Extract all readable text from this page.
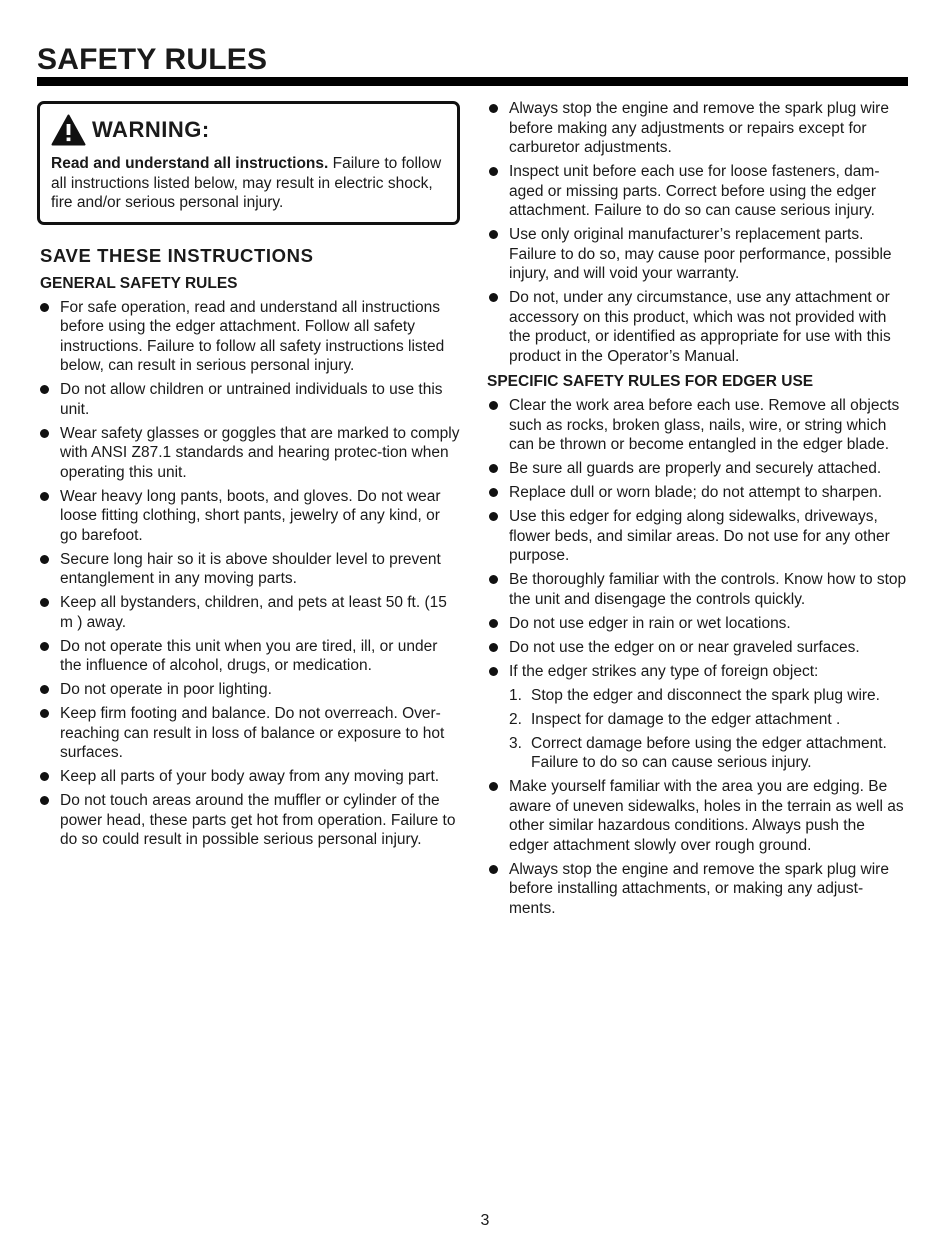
SAFETY RULES
WARNING:
Read and understand all instructions. Failure to follow all instructions listed below, may result in electric shock, fire and/or serious personal injury.
SAVE THESE INSTRUCTIONS
GENERAL SAFETY RULES
For safe operation, read and understand all instructions before using the edger attachment. Follow all safety instructions. Failure to follow all safety instructions listed below, can result in serious personal injury.
Do not allow children or untrained individuals to use this unit.
Wear safety glasses or goggles that are marked to comply with ANSI Z87.1 standards and hearing protec-tion when operating this unit.
Wear heavy long pants, boots, and gloves. Do not wear loose fitting clothing, short pants, jewelry of any kind, or go barefoot.
Secure long hair so it is above shoulder level to prevent entanglement in any moving parts.
Keep all bystanders, children, and pets at least 50 ft. (15 m ) away.
Do not operate this unit when you are tired, ill, or under the influence of alcohol, drugs, or medication.
Do not operate in poor lighting.
Keep firm footing and balance. Do not overreach. Over-reaching can result in loss of balance or exposure to hot surfaces.
Keep all parts of your body away from any moving part.
Do not touch areas around the muffler or cylinder of the power head, these parts get hot from operation. Failure to do so could result in possible serious personal injury.
Always stop the engine and remove the spark plug wire before making any adjustments or repairs except for carburetor adjustments.
Inspect unit before each use for loose fasteners, dam-aged or missing parts. Correct before using the edger attachment. Failure to do so can cause serious injury.
Use only original manufacturer’s replacement parts. Failure to do so, may cause poor performance, possible injury, and will void your warranty.
Do not, under any circumstance, use any attachment or accessory on this product, which was not provided with the product, or identified as appropriate for use with this product in the Operator’s Manual.
SPECIFIC SAFETY RULES FOR EDGER USE
Clear the work area before each use. Remove all objects such as rocks, broken glass, nails, wire, or string which can be thrown or become entangled in the edger blade.
Be sure all guards are properly and securely attached.
Replace dull or worn blade; do not attempt to sharpen.
Use this edger for edging along sidewalks, driveways, flower beds, and similar areas. Do not use for any other purpose.
Be thoroughly familiar with the controls. Know how to stop the unit and disengage the controls quickly.
Do not use edger in rain or wet locations.
Do not use the edger on or near graveled surfaces.
If the edger strikes any type of foreign object:
1. Stop the edger and disconnect the spark plug wire.
2. Inspect for damage to the edger attachment .
3. Correct damage before using the edger attachment. Failure to do so can cause serious injury.
Make yourself familiar with the area you are edging. Be aware of uneven sidewalks, holes in the terrain as well as other similar hazardous conditions. Always push the edger attachment slowly over rough ground.
Always stop the engine and remove the spark plug wire before installing attachments, or making any adjust-ments.
3
